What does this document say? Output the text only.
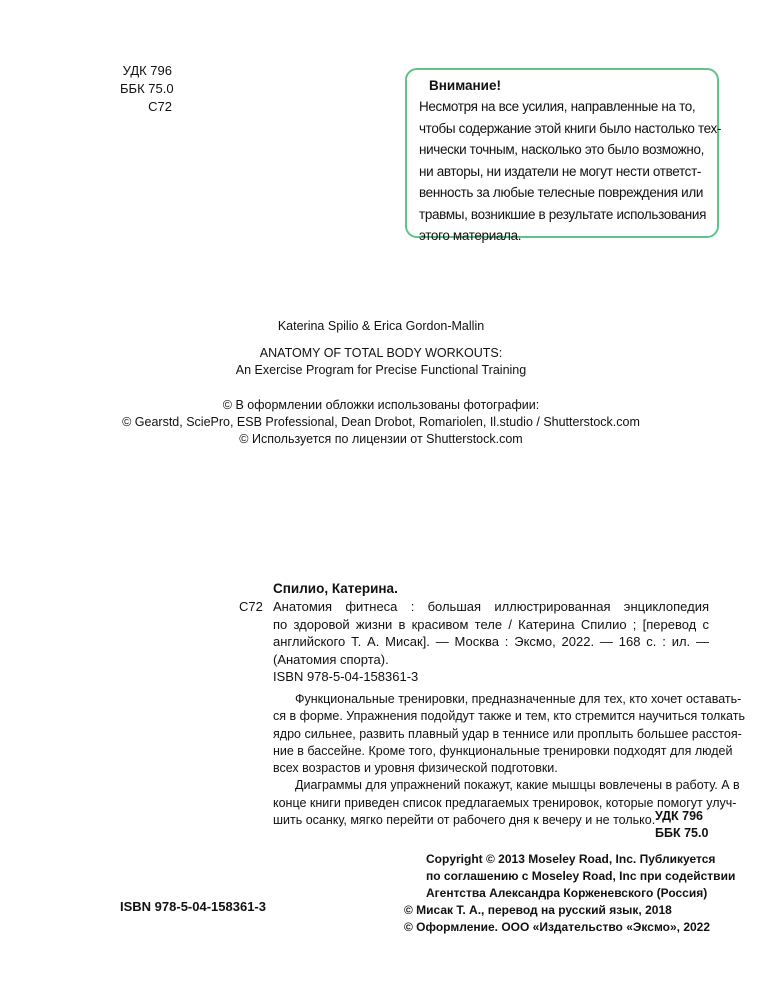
УДК 796
ББК 75.0
С72
Внимание!
Несмотря на все усилия, направленные на то,
чтобы содержание этой книги было настолько тех-
нически точным, насколько это было возможно,
ни авторы, ни издатели не могут нести ответст-
венность за любые телесные повреждения или
травмы, возникшие в результате использования
этого материала.
Katerina Spilio & Erica Gordon-Mallin
ANATOMY OF TOTAL BODY WORKOUTS:
An Exercise Program for Precise Functional Training
© В оформлении обложки использованы фотографии:
© Gearstd, SciePro, ESB Professional, Dean Drobot, Romariolen, Il.studio / Shutterstock.com
© Используется по лицензии от Shutterstock.com
Спилио, Катерина.
С72 Анатомия фитнеса : большая иллюстрированная энциклопедия
по здоровой жизни в красивом теле / Катерина Спилио ; [перевод с
английского Т. А. Мисак]. — Москва : Эксмо, 2022. — 168 с. : ил. —
(Анатомия спорта).
ISBN 978-5-04-158361-3
Функциональные тренировки, предназначенные для тех, кто хочет оставать-
ся в форме. Упражнения подойдут также и тем, кто стремится научиться толкать
ядро сильнее, развить плавный удар в теннисе или проплыть большее расстоя-
ние в бассейне. Кроме того, функциональные тренировки подходят для людей
всех возрастов и уровня физической подготовки.
Диаграммы для упражнений покажут, какие мышцы вовлечены в работу. А в
конце книги приведен список предлагаемых тренировок, которые помогут улуч-
шить осанку, мягко перейти от рабочего дня к вечеру и не только. УДК 796
ББК 75.0
Copyright © 2013 Moseley Road, Inc. Публикуется
по соглашению с Moseley Road, Inc при содействии
Агентства Александра Корженевского (Россия)
© Мисак Т. А., перевод на русский язык, 2018
© Оформление. ООО «Издательство «Эксмо», 2022
ISBN 978-5-04-158361-3
